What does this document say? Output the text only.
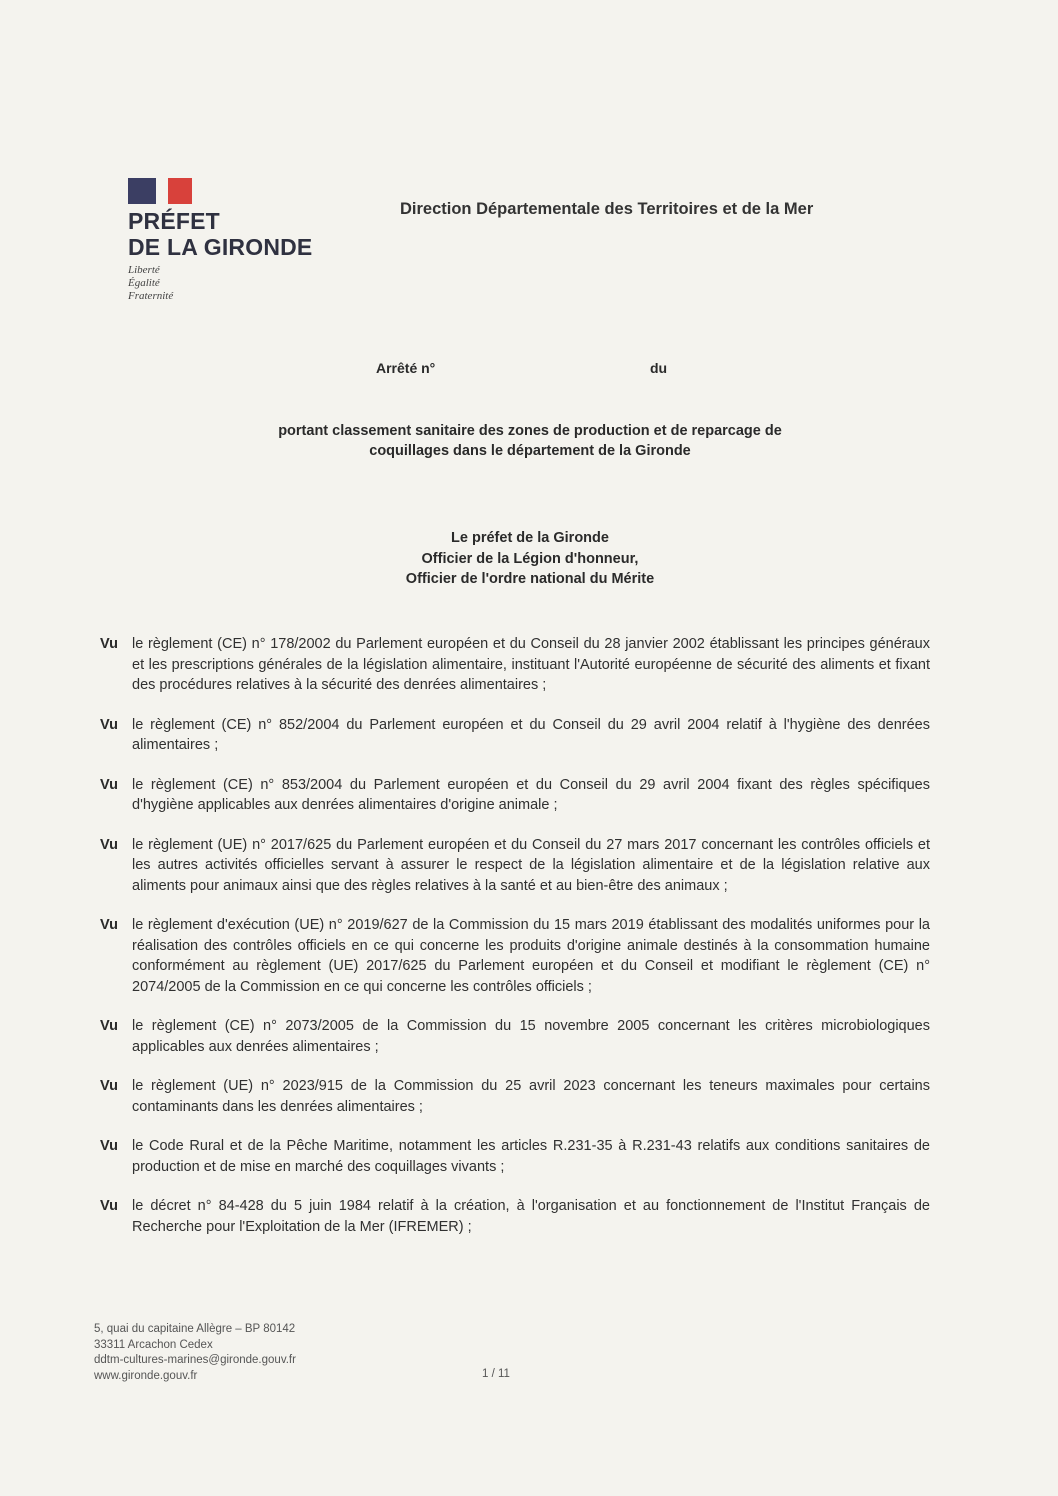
PRÉFET
DE LA GIRONDE
Liberté
Égalité
Fraternité
Direction Départementale des Territoires et de la Mer
Arrêté n°	du
portant classement sanitaire des zones de production et de reparcage de
coquillages dans le département de la Gironde
Le préfet de la Gironde
Officier de la Légion d'honneur,
Officier de l'ordre national du Mérite
Vu le règlement (CE) n° 178/2002 du Parlement européen et du Conseil du 28 janvier 2002 établissant les principes généraux et les prescriptions générales de la législation alimentaire, instituant l'Autorité européenne de sécurité des aliments et fixant des procédures relatives à la sécurité des denrées alimentaires ;
Vu le règlement (CE) n° 852/2004 du Parlement européen et du Conseil du 29 avril 2004 relatif à l'hygiène des denrées alimentaires ;
Vu le règlement (CE) n° 853/2004 du Parlement européen et du Conseil du 29 avril 2004 fixant des règles spécifiques d'hygiène applicables aux denrées alimentaires d'origine animale ;
Vu le règlement (UE) n° 2017/625 du Parlement européen et du Conseil du 27 mars 2017 concernant les contrôles officiels et les autres activités officielles servant à assurer le respect de la législation alimentaire et de la législation relative aux aliments pour animaux ainsi que des règles relatives à la santé et au bien-être des animaux ;
Vu le règlement d'exécution (UE) n° 2019/627 de la Commission du 15 mars 2019 établissant des modalités uniformes pour la réalisation des contrôles officiels en ce qui concerne les produits d'origine animale destinés à la consommation humaine conformément au règlement (UE) 2017/625 du Parlement européen et du Conseil et modifiant le règlement (CE) n° 2074/2005 de la Commission en ce qui concerne les contrôles officiels ;
Vu le règlement (CE) n° 2073/2005 de la Commission du 15 novembre 2005 concernant les critères microbiologiques applicables aux denrées alimentaires ;
Vu le règlement (UE) n° 2023/915 de la Commission du 25 avril 2023 concernant les teneurs maximales pour certains contaminants dans les denrées alimentaires ;
Vu le Code Rural et de la Pêche Maritime, notamment les articles R.231-35 à R.231-43 relatifs aux conditions sanitaires de production et de mise en marché des coquillages vivants ;
Vu le décret n° 84-428 du 5 juin 1984 relatif à la création, à l'organisation et au fonctionnement de l'Institut Français de Recherche pour l'Exploitation de la Mer (IFREMER) ;
5, quai du capitaine Allègre – BP 80142
33311 Arcachon Cedex
ddtm-cultures-marines@gironde.gouv.fr
www.gironde.gouv.fr	1 / 11
